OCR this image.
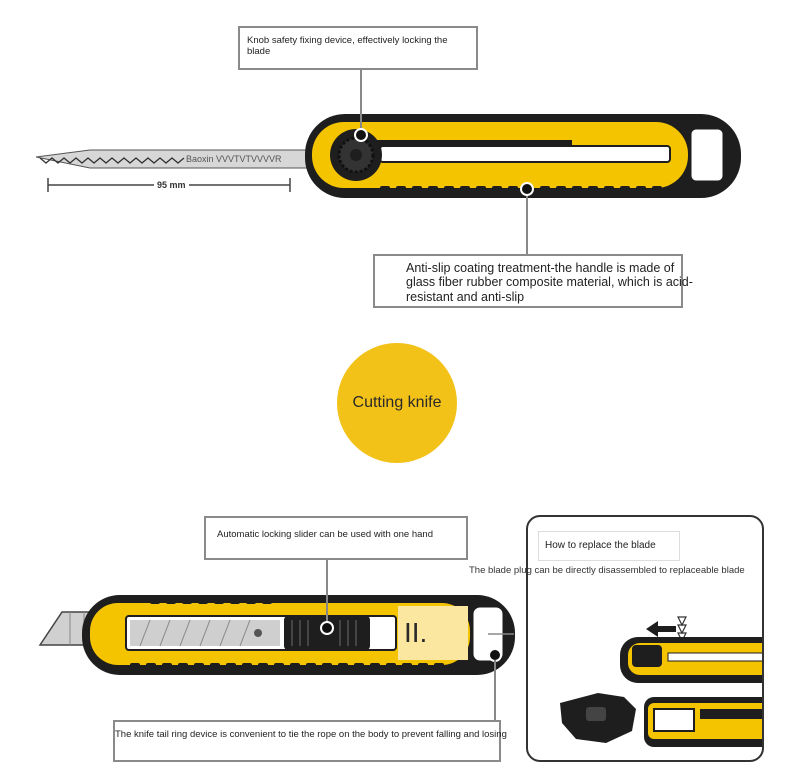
Baoxin VVVTVTVVVVR
95 mm
Knob safety fixing device, effectively locking the blade
Anti-slip coating treatment-the handle is made of glass fiber rubber composite material, which is acid-resistant and anti-slip
Cutting knife
II.
Automatic locking slider can be used with one hand
The knife tail ring device is convenient to tie the rope on the body to prevent falling and losing
How to replace the blade
The blade plug can be directly disassembled to replaceable blade
